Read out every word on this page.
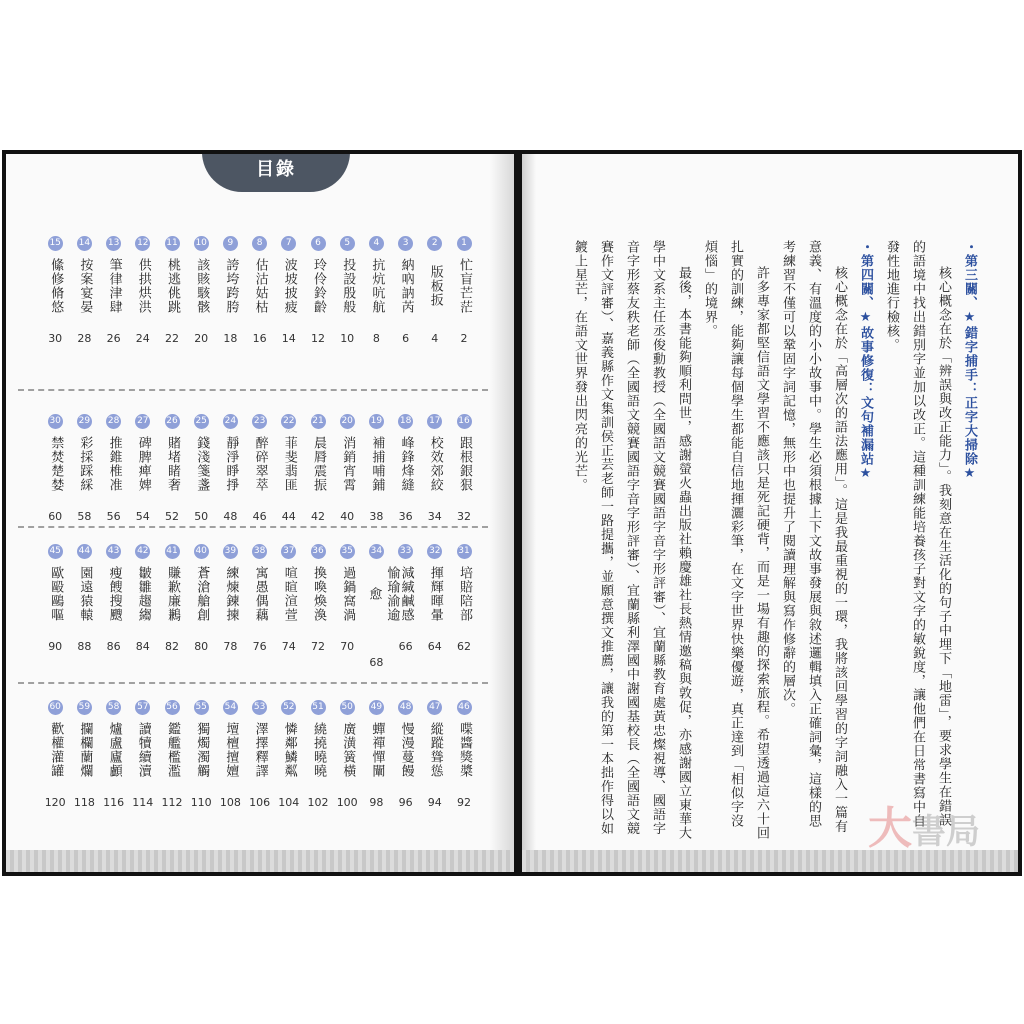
目錄
1
忙盲芒茫
2
2
版板扳
4
3
納吶訥芮
6
4
抗炕吭航
8
5
投設殷般
10
6
玲伶鈴齡
12
7
波坡披疲
14
8
估沽姑枯
16
9
誇垮跨胯
18
10
該賅駭骸
20
11
桃逃佻跳
22
12
供拱烘洪
24
13
筆律津肆
26
14
按案宴晏
28
15
絛修脩悠
30
16
跟根銀狠
32
17
校效郊絞
34
18
峰鋒烽縫
36
19
補捕哺鋪
38
20
消銷宵霄
40
21
晨脣震振
42
22
菲斐翡匪
44
23
醉碎翠萃
46
24
靜淨睜掙
48
25
錢淺箋盞
50
26
賭堵睹奢
52
27
碑脾痺婢
54
28
推錐椎准
56
29
彩採踩綵
58
30
禁焚楚婪
60
31
培賠陪部
62
32
揮輝暉暈
64
33
減緘鹹感
66
34
愉瑜渝逾愈
68
35
過鍋窩渦
70
36
換喚煥渙
72
37
喧暄渲萱
74
38
寓愚偶藕
76
39
練煉鍊揀
78
40
蒼滄艙創
80
41
賺歉廉鶼
82
42
皺雛趨縐
84
43
瘦餿搜颼
86
44
園遠猿轅
88
45
歐毆鷗嘔
90
46
喋醬獎槳
92
47
縱蹤聳慫
94
48
慢漫蔓饅
96
49
蟬禪憚闡
98
50
廣潢簧橫
100
51
繞撓曉曉
102
52
憐鄰鱗粼
104
53
澤擇釋譯
106
54
壇檀擅嬗
108
55
獨燭濁觸
110
56
鑑艦檻濫
112
57
讀犢續瀆
114
58
爐盧廬顱
116
59
攔欄蘭爛
118
60
歡權灌罐
120

・第三關、★錯字捕手：正字大掃除★

核心概念在於「辨誤與改正能力」。我刻意在生活化的句子中埋下「地雷」，要求學生在錯誤的語境中找出錯別字並加以改正。這種訓練能培養孩子對文字的敏銳度，讓他們在日常書寫中自發性地進行檢核。

・第四關、★故事修復：文句補漏站★

核心概念在於「高層次的語法應用」。這是我最重視的一環，我將該回學習的字詞融入一篇有意義、有溫度的小小故事中。學生必須根據上下文故事發展與敘述邏輯填入正確詞彙，這樣的思考練習不僅可以鞏固字詞記憶，無形中也提升了閱讀理解與寫作修辭的層次。

許多專家都堅信語文學習不應該只是死記硬背，而是一場有趣的探索旅程。希望透過這六十回扎實的訓練，能夠讓每個學生都能自信地揮灑彩筆，在文字世界快樂優遊，真正達到「相似字沒煩惱」的境界。

最後，本書能夠順利問世，感謝螢火蟲出版社賴慶雄社長熱情邀稿與敦促，亦感謝國立東華大學中文系主任丞俊勳教授（全國語文競賽國語字音字形評審）、宜蘭縣教育處黃忠燦視導、國語字音字形蔡友秩老師（全國語文競賽國語字音字形評審）、宜蘭縣利澤國中謝國基校長（全國語文競賽作文評審）、嘉義縣作文集訓侯正芸老師一路提攜，並願意撰文推薦，讓我的第一本拙作得以如鍍上星芒，在語文世界發出閃亮的光芒。

大書局
